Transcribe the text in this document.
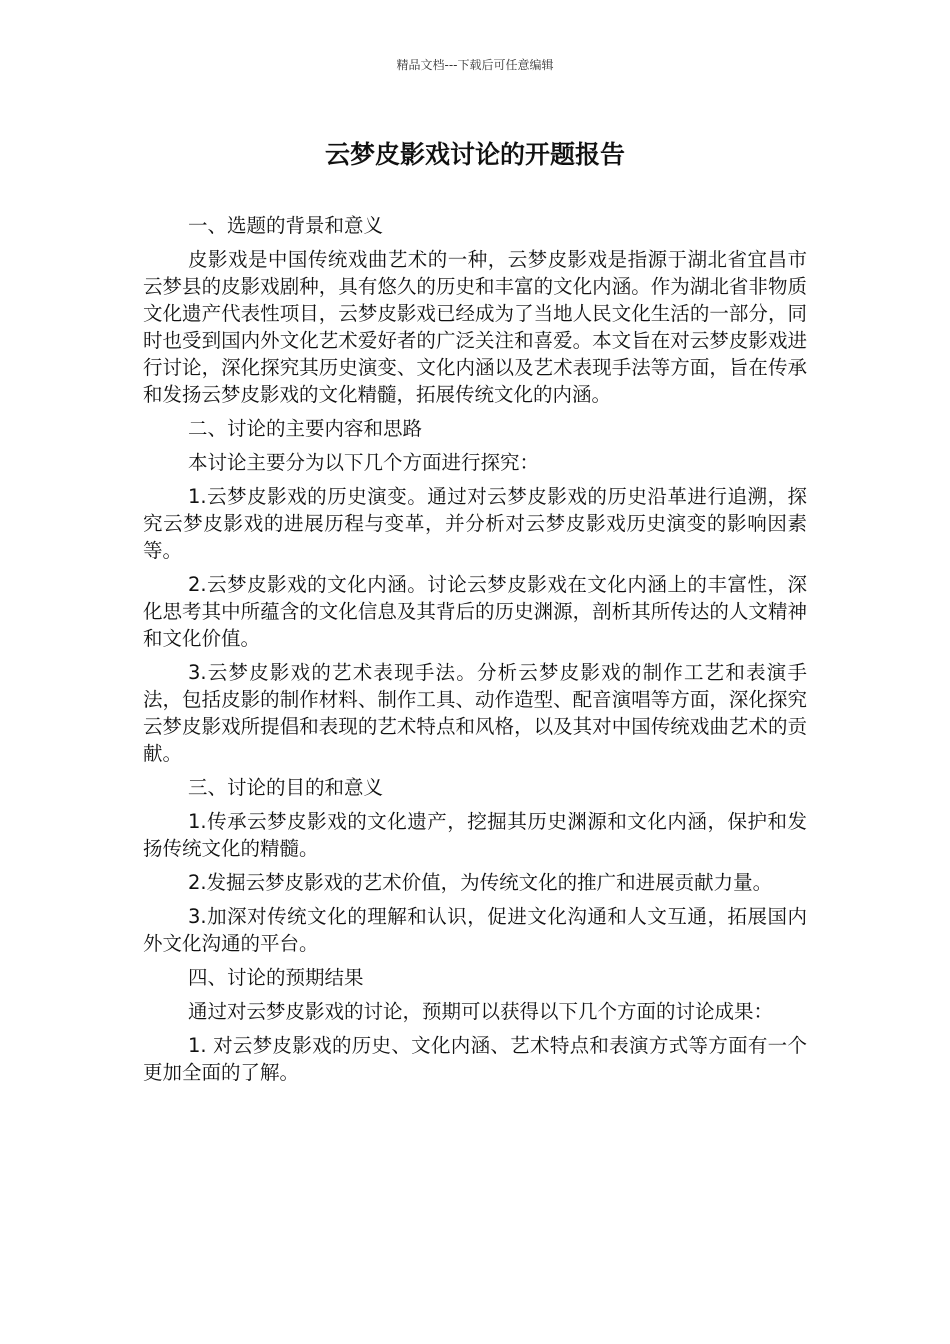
精品文档---下载后可任意编辑
云梦皮影戏讨论的开题报告

一、选题的背景和意义

皮影戏是中国传统戏曲艺术的一种，云梦皮影戏是指源于湖北省宜昌市云梦县的皮影戏剧种，具有悠久的历史和丰富的文化内涵。作为湖北省非物质文化遗产代表性项目，云梦皮影戏已经成为了当地人民文化生活的一部分，同时也受到国内外文化艺术爱好者的广泛关注和喜爱。本文旨在对云梦皮影戏进行讨论，深化探究其历史演变、文化内涵以及艺术表现手法等方面，旨在传承和发扬云梦皮影戏的文化精髓，拓展传统文化的内涵。

二、讨论的主要内容和思路

本讨论主要分为以下几个方面进行探究：

1.云梦皮影戏的历史演变。通过对云梦皮影戏的历史沿革进行追溯，探究云梦皮影戏的进展历程与变革，并分析对云梦皮影戏历史演变的影响因素等。

2.云梦皮影戏的文化内涵。讨论云梦皮影戏在文化内涵上的丰富性，深化思考其中所蕴含的文化信息及其背后的历史渊源，剖析其所传达的人文精神和文化价值。

3.云梦皮影戏的艺术表现手法。分析云梦皮影戏的制作工艺和表演手法，包括皮影的制作材料、制作工具、动作造型、配音演唱等方面，深化探究云梦皮影戏所提倡和表现的艺术特点和风格，以及其对中国传统戏曲艺术的贡献。

三、讨论的目的和意义

1.传承云梦皮影戏的文化遗产，挖掘其历史渊源和文化内涵，保护和发扬传统文化的精髓。

2.发掘云梦皮影戏的艺术价值，为传统文化的推广和进展贡献力量。

3.加深对传统文化的理解和认识，促进文化沟通和人文互通，拓展国内外文化沟通的平台。

四、讨论的预期结果

通过对云梦皮影戏的讨论，预期可以获得以下几个方面的讨论成果：

1. 对云梦皮影戏的历史、文化内涵、艺术特点和表演方式等方面有一个更加全面的了解。
